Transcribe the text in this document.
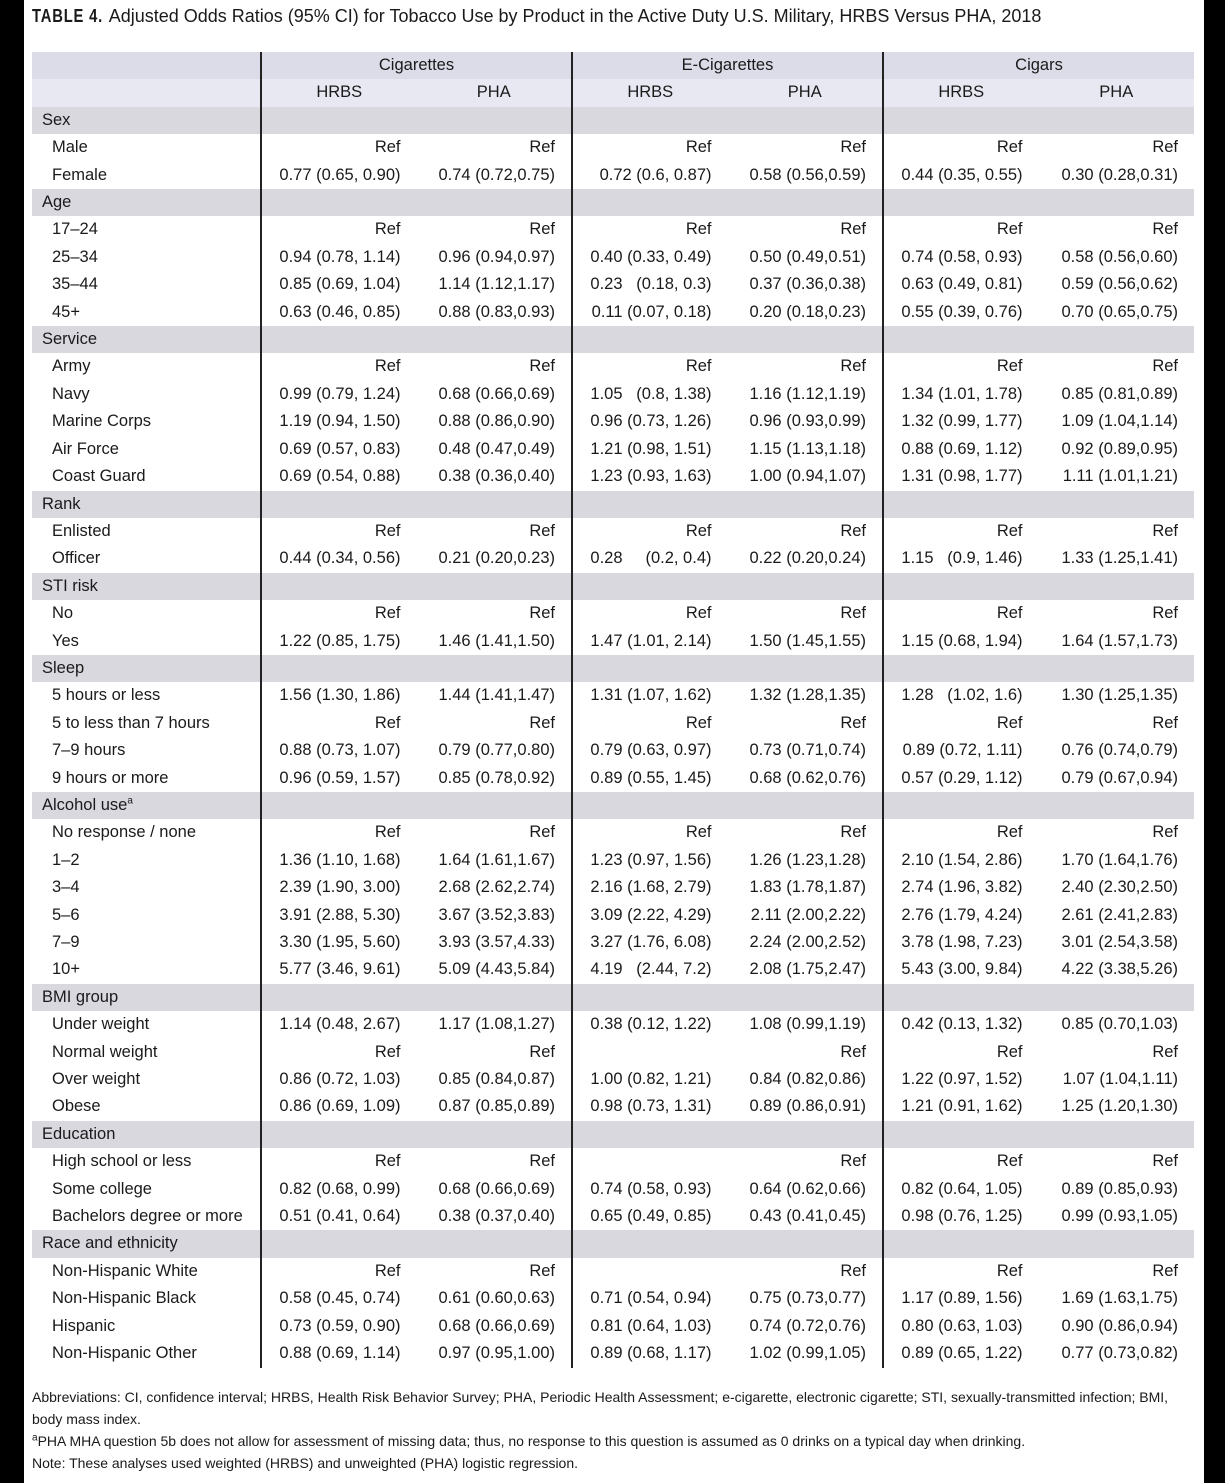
TABLE 4. Adjusted Odds Ratios (95% CI) for Tobacco Use by Product in the Active Duty U.S. Military, HRBS Versus PHA, 2018
	Cigarettes		E-Cigarettes		Cigars	
	HRBS	PHA	HRBS	PHA	HRBS	PHA
Sex						
Male	Ref	Ref	Ref	Ref	Ref	Ref
Female	0.77 (0.65, 0.90)	0.74 (0.72,0.75)	0.72 (0.6, 0.87)	0.58 (0.56,0.59)	0.44 (0.35, 0.55)	0.30 (0.28,0.31)
Age						
17–24	Ref	Ref	Ref	Ref	Ref	Ref
25–34	0.94 (0.78, 1.14)	0.96 (0.94,0.97)	0.40 (0.33, 0.49)	0.50 (0.49,0.51)	0.74 (0.58, 0.93)	0.58 (0.56,0.60)
35–44	0.85 (0.69, 1.04)	1.14 (1.12,1.17)	0.23   (0.18, 0.3)	0.37 (0.36,0.38)	0.63 (0.49, 0.81)	0.59 (0.56,0.62)
45+	0.63 (0.46, 0.85)	0.88 (0.83,0.93)	0.11 (0.07, 0.18)	0.20 (0.18,0.23)	0.55 (0.39, 0.76)	0.70 (0.65,0.75)
Service						
Army	Ref	Ref	Ref	Ref	Ref	Ref
Navy	0.99 (0.79, 1.24)	0.68 (0.66,0.69)	1.05   (0.8, 1.38)	1.16 (1.12,1.19)	1.34 (1.01, 1.78)	0.85 (0.81,0.89)
Marine Corps	1.19 (0.94, 1.50)	0.88 (0.86,0.90)	0.96 (0.73, 1.26)	0.96 (0.93,0.99)	1.32 (0.99, 1.77)	1.09 (1.04,1.14)
Air Force	0.69 (0.57, 0.83)	0.48 (0.47,0.49)	1.21 (0.98, 1.51)	1.15 (1.13,1.18)	0.88 (0.69, 1.12)	0.92 (0.89,0.95)
Coast Guard	0.69 (0.54, 0.88)	0.38 (0.36,0.40)	1.23 (0.93, 1.63)	1.00 (0.94,1.07)	1.31 (0.98, 1.77)	1.11 (1.01,1.21)
Rank						
Enlisted	Ref	Ref	Ref	Ref	Ref	Ref
Officer	0.44 (0.34, 0.56)	0.21 (0.20,0.23)	0.28     (0.2, 0.4)	0.22 (0.20,0.24)	1.15   (0.9, 1.46)	1.33 (1.25,1.41)
STI risk						
No	Ref	Ref	Ref	Ref	Ref	Ref
Yes	1.22 (0.85, 1.75)	1.46 (1.41,1.50)	1.47 (1.01, 2.14)	1.50 (1.45,1.55)	1.15 (0.68, 1.94)	1.64 (1.57,1.73)
Sleep						
5 hours or less	1.56 (1.30, 1.86)	1.44 (1.41,1.47)	1.31 (1.07, 1.62)	1.32 (1.28,1.35)	1.28   (1.02, 1.6)	1.30 (1.25,1.35)
5 to less than 7 hours	Ref	Ref	Ref	Ref	Ref	Ref
7–9 hours	0.88 (0.73, 1.07)	0.79 (0.77,0.80)	0.79 (0.63, 0.97)	0.73 (0.71,0.74)	0.89 (0.72, 1.11)	0.76 (0.74,0.79)
9 hours or more	0.96 (0.59, 1.57)	0.85 (0.78,0.92)	0.89 (0.55, 1.45)	0.68 (0.62,0.76)	0.57 (0.29, 1.12)	0.79 (0.67,0.94)
Alcohol use$^a$						
No response / none	Ref	Ref	Ref	Ref	Ref	Ref
1–2	1.36 (1.10, 1.68)	1.64 (1.61,1.67)	1.23 (0.97, 1.56)	1.26 (1.23,1.28)	2.10 (1.54, 2.86)	1.70 (1.64,1.76)
3–4	2.39 (1.90, 3.00)	2.68 (2.62,2.74)	2.16 (1.68, 2.79)	1.83 (1.78,1.87)	2.74 (1.96, 3.82)	2.40 (2.30,2.50)
5–6	3.91 (2.88, 5.30)	3.67 (3.52,3.83)	3.09 (2.22, 4.29)	2.11 (2.00,2.22)	2.76 (1.79, 4.24)	2.61 (2.41,2.83)
7–9	3.30 (1.95, 5.60)	3.93 (3.57,4.33)	3.27 (1.76, 6.08)	2.24 (2.00,2.52)	3.78 (1.98, 7.23)	3.01 (2.54,3.58)
10+	5.77 (3.46, 9.61)	5.09 (4.43,5.84)	4.19   (2.44, 7.2)	2.08 (1.75,2.47)	5.43 (3.00, 9.84)	4.22 (3.38,5.26)
BMI group						
Under weight	1.14 (0.48, 2.67)	1.17 (1.08,1.27)	0.38 (0.12, 1.22)	1.08 (0.99,1.19)	0.42 (0.13, 1.32)	0.85 (0.70,1.03)
Normal weight	Ref	Ref		Ref	Ref	Ref
Over weight	0.86 (0.72, 1.03)	0.85 (0.84,0.87)	1.00 (0.82, 1.21)	0.84 (0.82,0.86)	1.22 (0.97, 1.52)	1.07 (1.04,1.11)
Obese	0.86 (0.69, 1.09)	0.87 (0.85,0.89)	0.98 (0.73, 1.31)	0.89 (0.86,0.91)	1.21 (0.91, 1.62)	1.25 (1.20,1.30)
Education						
High school or less	Ref	Ref		Ref	Ref	Ref
Some college	0.82 (0.68, 0.99)	0.68 (0.66,0.69)	0.74 (0.58, 0.93)	0.64 (0.62,0.66)	0.82 (0.64, 1.05)	0.89 (0.85,0.93)
Bachelors degree or more	0.51 (0.41, 0.64)	0.38 (0.37,0.40)	0.65 (0.49, 0.85)	0.43 (0.41,0.45)	0.98 (0.76, 1.25)	0.99 (0.93,1.05)
Race and ethnicity						
Non-Hispanic White	Ref	Ref		Ref	Ref	Ref
Non-Hispanic Black	0.58 (0.45, 0.74)	0.61 (0.60,0.63)	0.71 (0.54, 0.94)	0.75 (0.73,0.77)	1.17 (0.89, 1.56)	1.69 (1.63,1.75)
Hispanic	0.73 (0.59, 0.90)	0.68 (0.66,0.69)	0.81 (0.64, 1.03)	0.74 (0.72,0.76)	0.80 (0.63, 1.03)	0.90 (0.86,0.94)
Non-Hispanic Other	0.88 (0.69, 1.14)	0.97 (0.95,1.00)	0.89 (0.68, 1.17)	1.02 (0.99,1.05)	0.89 (0.65, 1.22)	0.77 (0.73,0.82)

Abbreviations: CI, confidence interval; HRBS, Health Risk Behavior Survey; PHA, Periodic Health Assessment; e-cigarette, electronic cigarette; STI, sexually-transmitted infection; BMI, body mass index.

$^a$PHA MHA question 5b does not allow for assessment of missing data; thus, no response to this question is assumed as 0 drinks on a typical day when drinking.

Note: These analyses used weighted (HRBS) and unweighted (PHA) logistic regression.
